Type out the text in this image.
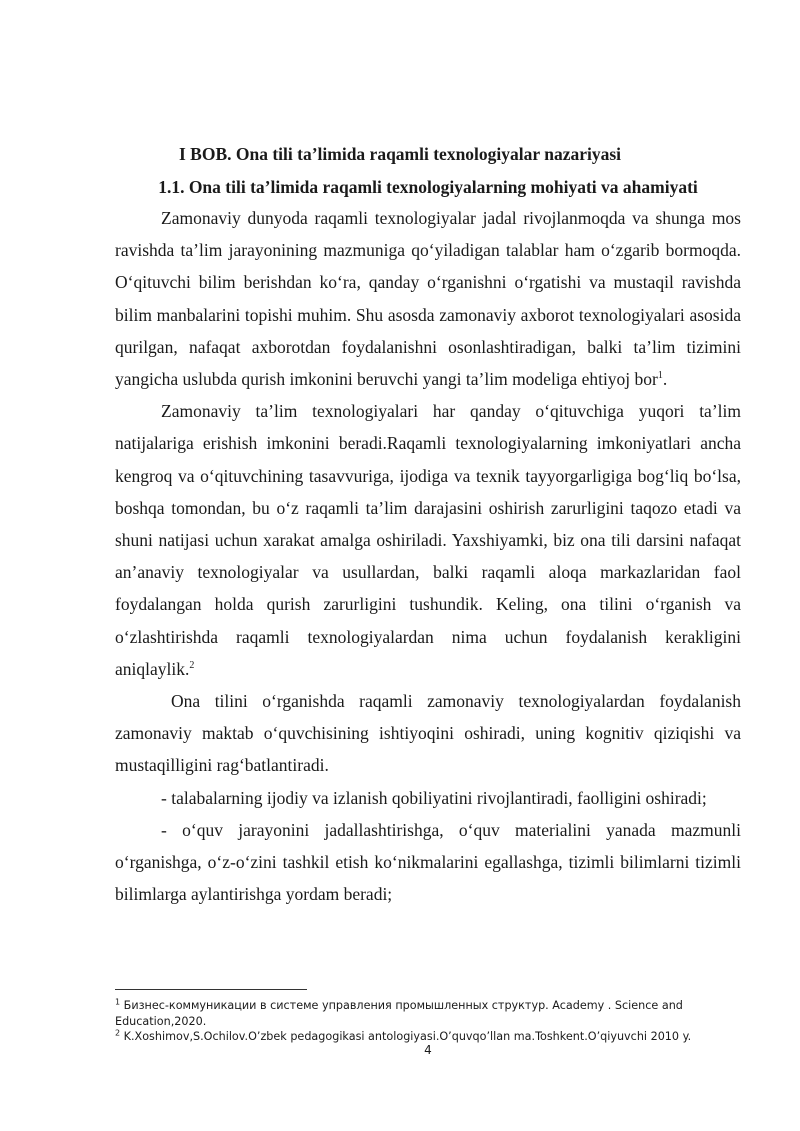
I BOB. Ona tili ta’limida raqamli texnologiyalar nazariyasi
1.1. Ona tili ta’limida raqamli texnologiyalarning mohiyati va ahamiyati

Zamonaviy dunyoda raqamli texnologiyalar jadal rivojlanmoqda va shunga mos ravishda ta’lim jarayonining mazmuniga qo‘yiladigan talablar ham o‘zgarib bormoqda. O‘qituvchi bilim berishdan ko‘ra, qanday o‘rganishni o‘rgatishi va mustaqil ravishda bilim manbalarini topishi muhim. Shu asosda zamonaviy axborot texnologiyalari asosida qurilgan, nafaqat axborotdan foydalanishni osonlashtiradigan, balki ta’lim tizimini yangicha uslubda qurish imkonini beruvchi yangi ta’lim modeliga ehtiyoj bor$^1$.

Zamonaviy ta’lim texnologiyalari har qanday o‘qituvchiga yuqori ta’lim natijalariga erishish imkonini beradi.Raqamli texnologiyalarning imkoniyatlari ancha kengroq va o‘qituvchining tasavvuriga, ijodiga va texnik tayyorgarligiga bog‘liq bo‘lsa, boshqa tomondan, bu o‘z raqamli ta’lim darajasini oshirish zarurligini taqozo etadi va shuni natijasi uchun xarakat amalga oshiriladi. Yaxshiyamki, biz ona tili darsini nafaqat an’anaviy texnologiyalar va usullardan, balki raqamli aloqa markazlaridan faol foydalangan holda qurish zarurligini tushundik. Keling, ona tilini o‘rganish va o‘zlashtirishda raqamli texnologiyalardan nima uchun foydalanish kerakligini aniqlaylik.$^2$

Ona tilini o‘rganishda raqamli zamonaviy texnologiyalardan foydalanish zamonaviy maktab o‘quvchisining ishtiyoqini oshiradi, uning kognitiv qiziqishi va mustaqilligini rag‘batlantiradi.

- talabalarning ijodiy va izlanish qobiliyatini rivojlantiradi, faolligini oshiradi;

- o‘quv jarayonini jadallashtirishga, o‘quv materialini yanada mazmunli o‘rganishga, o‘z-o‘zini tashkil etish ko‘nikmalarini egallashga, tizimli bilimlarni tizimli bilimlarga aylantirishga yordam beradi;

$^1$ Бизнес-коммуникации в системе управления промышленных структур. Academy . Science and Education,2020.
$^2$ K.Xoshimov,S.Ochilov.O’zbek pedagogikasi antologiyasi.O’quvqo’llan ma.Toshkent.O’qiyuvchi 2010 y.
4
